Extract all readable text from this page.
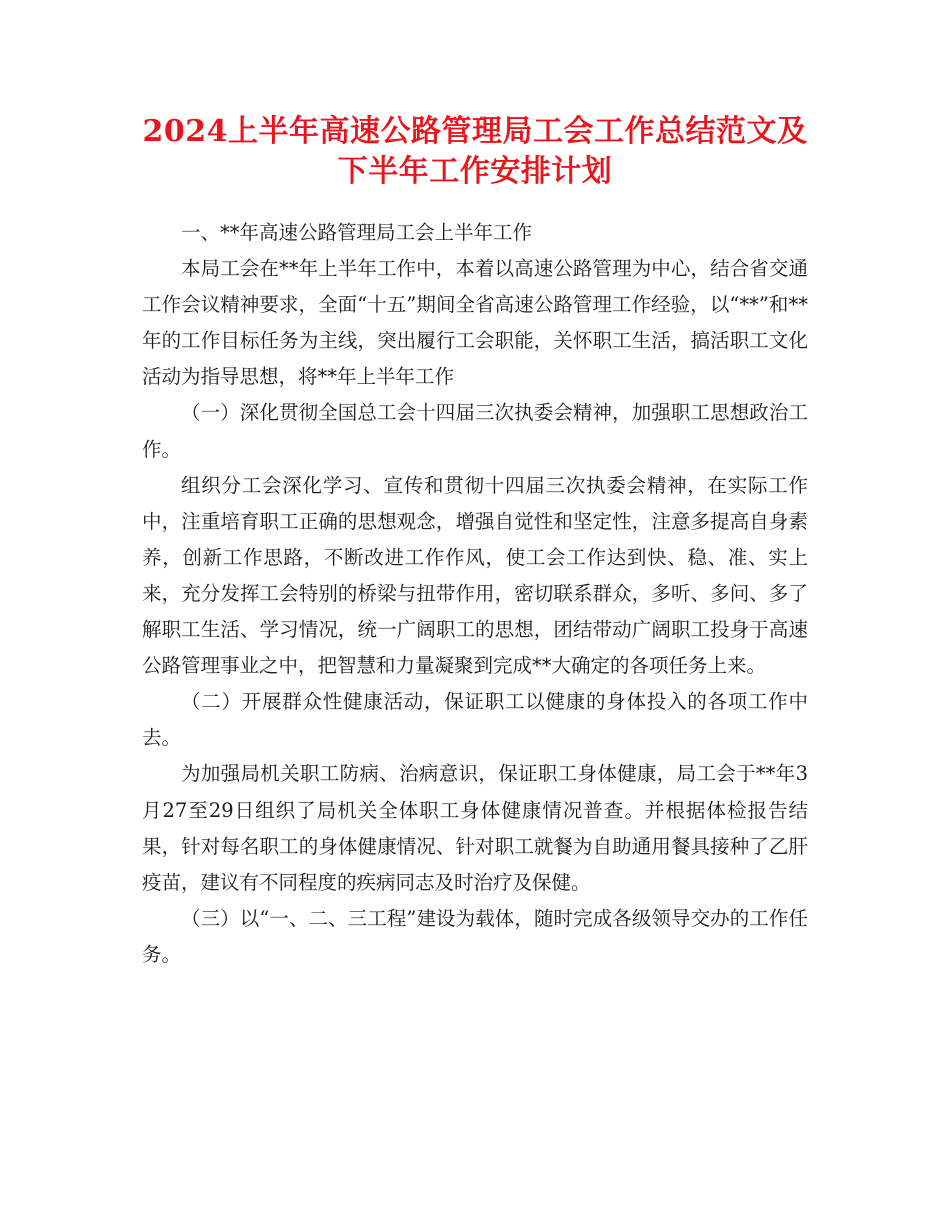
2024上半年高速公路管理局工会工作总结范文及
下半年工作安排计划

一、**年高速公路管理局工会上半年工作

本局工会在**年上半年工作中，本着以高速公路管理为中心，结合省交通工作会议精神要求，全面“十五”期间全省高速公路管理工作经验，以“**”和**年的工作目标任务为主线，突出履行工会职能，关怀职工生活，搞活职工文化活动为指导思想，将**年上半年工作

（一）深化贯彻全国总工会十四届三次执委会精神，加强职工思想政治工作。

组织分工会深化学习、宣传和贯彻十四届三次执委会精神，在实际工作中，注重培育职工正确的思想观念，增强自觉性和坚定性，注意多提高自身素养，创新工作思路，不断改进工作作风，使工会工作达到快、稳、准、实上来，充分发挥工会特别的桥梁与扭带作用，密切联系群众，多听、多问、多了解职工生活、学习情况，统一广阔职工的思想，团结带动广阔职工投身于高速公路管理事业之中，把智慧和力量凝聚到完成**大确定的各项任务上来。

（二）开展群众性健康活动，保证职工以健康的身体投入的各项工作中去。

为加强局机关职工防病、治病意识，保证职工身体健康，局工会于**年3月27至29日组织了局机关全体职工身体健康情况普查。并根据体检报告结果，针对每名职工的身体健康情况、针对职工就餐为自助通用餐具接种了乙肝疫苗，建议有不同程度的疾病同志及时治疗及保健。

（三）以“一、二、三工程”建设为载体，随时完成各级领导交办的工作任务。
